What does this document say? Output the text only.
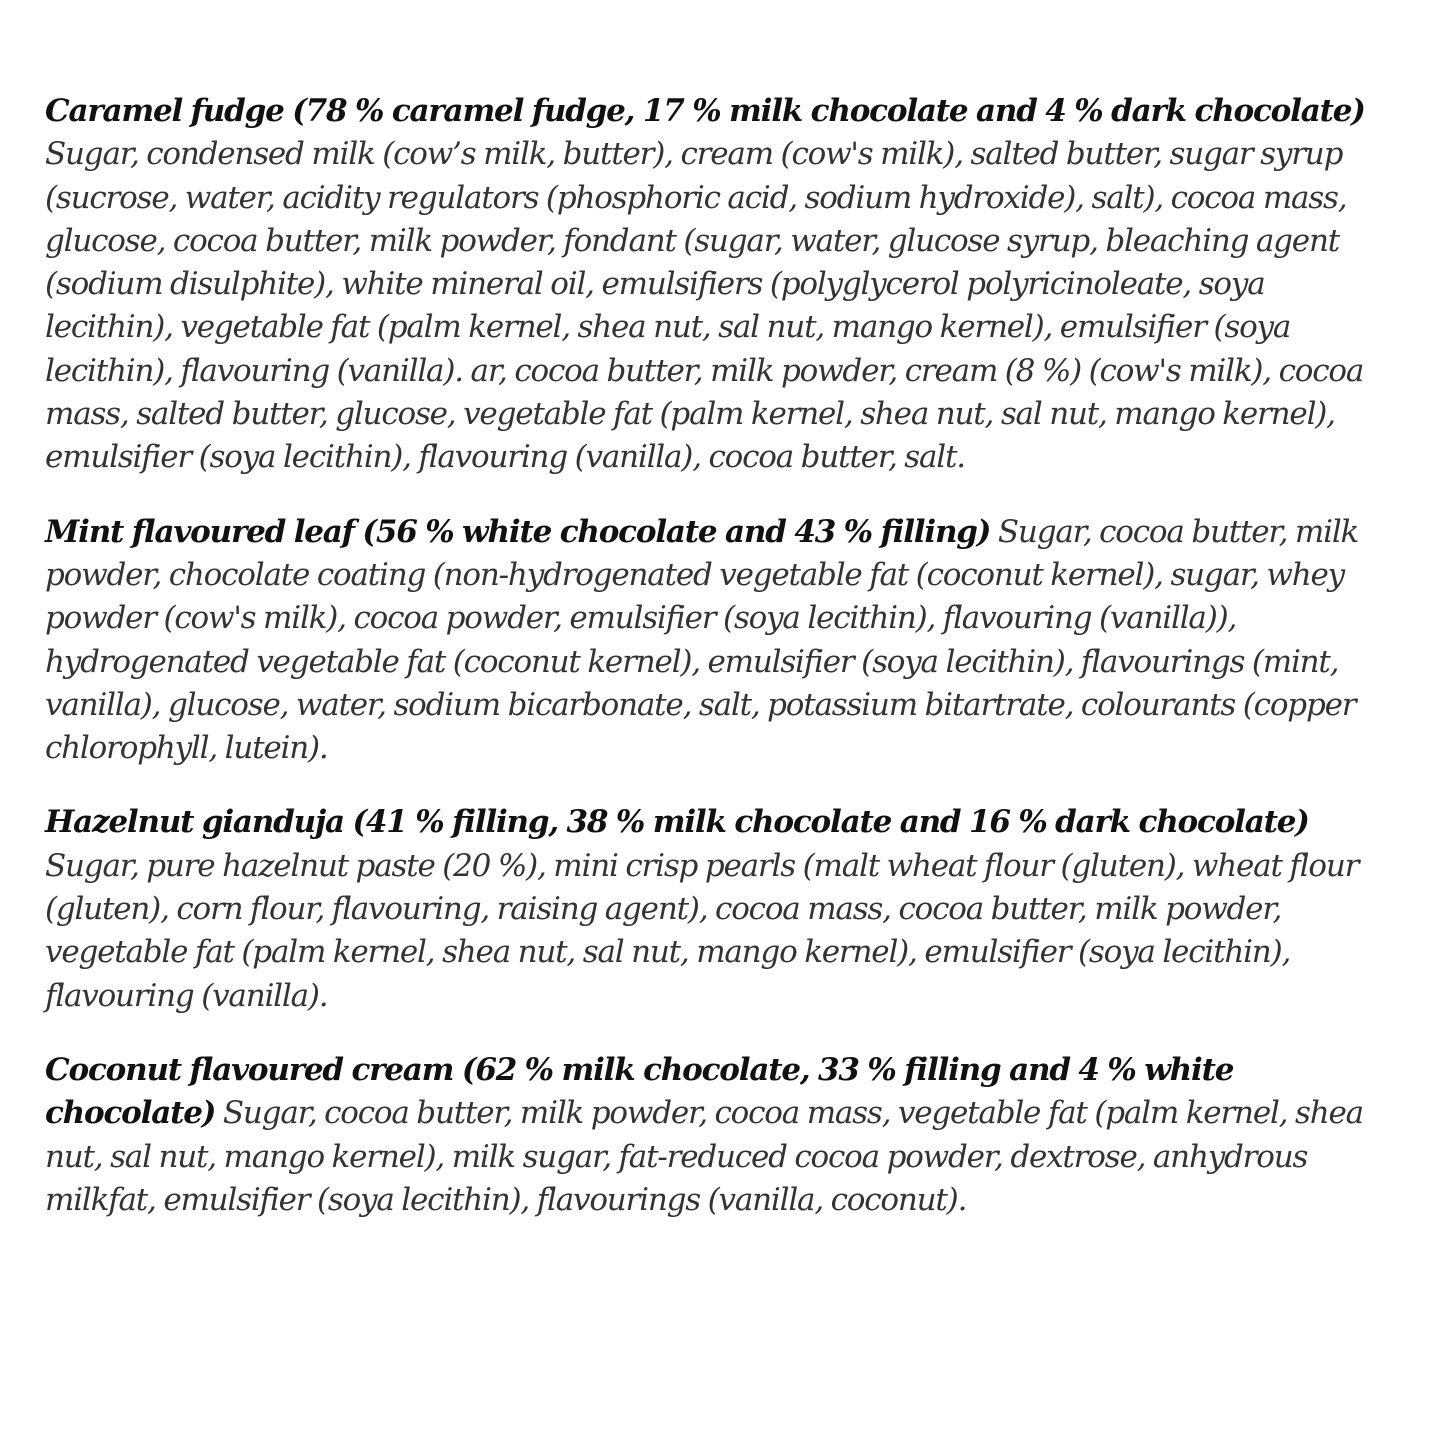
Caramel fudge (78 % caramel fudge, 17 % milk chocolate and 4 % dark chocolate) Sugar, condensed milk (cow’s milk, butter), cream (cow's milk), salted butter, sugar syrup (sucrose, water, acidity regulators (phosphoric acid, sodium hydroxide), salt), cocoa mass, glucose, cocoa butter, milk powder, fondant (sugar, water, glucose syrup, bleaching agent (sodium disulphite), white mineral oil, emulsifiers (polyglycerol polyricinoleate, soya lecithin), vegetable fat (palm kernel, shea nut, sal nut, mango kernel), emulsifier (soya lecithin), flavouring (vanilla). ar, cocoa butter, milk powder, cream (8 %) (cow's milk), cocoa mass, salted butter, glucose, vegetable fat (palm kernel, shea nut, sal nut, mango kernel), emulsifier (soya lecithin), flavouring (vanilla), cocoa butter, salt.

Mint flavoured leaf (56 % white chocolate and 43 % filling) Sugar, cocoa butter, milk powder, chocolate coating (non-hydrogenated vegetable fat (coconut kernel), sugar, whey powder (cow's milk), cocoa powder, emulsifier (soya lecithin), flavouring (vanilla)), hydrogenated vegetable fat (coconut kernel), emulsifier (soya lecithin), flavourings (mint, vanilla), glucose, water, sodium bicarbonate, salt, potassium bitartrate, colourants (copper chlorophyll, lutein).

Hazelnut gianduja (41 % filling, 38 % milk chocolate and 16 % dark chocolate) Sugar, pure hazelnut paste (20 %), mini crisp pearls (malt wheat flour (gluten), wheat flour (gluten), corn flour, flavouring, raising agent), cocoa mass, cocoa butter, milk powder, vegetable fat (palm kernel, shea nut, sal nut, mango kernel), emulsifier (soya lecithin), flavouring (vanilla).

Coconut flavoured cream (62 % milk chocolate, 33 % filling and 4 % white chocolate) Sugar, cocoa butter, milk powder, cocoa mass, vegetable fat (palm kernel, shea nut, sal nut, mango kernel), milk sugar, fat-reduced cocoa powder, dextrose, anhydrous milkfat, emulsifier (soya lecithin), flavourings (vanilla, coconut).
